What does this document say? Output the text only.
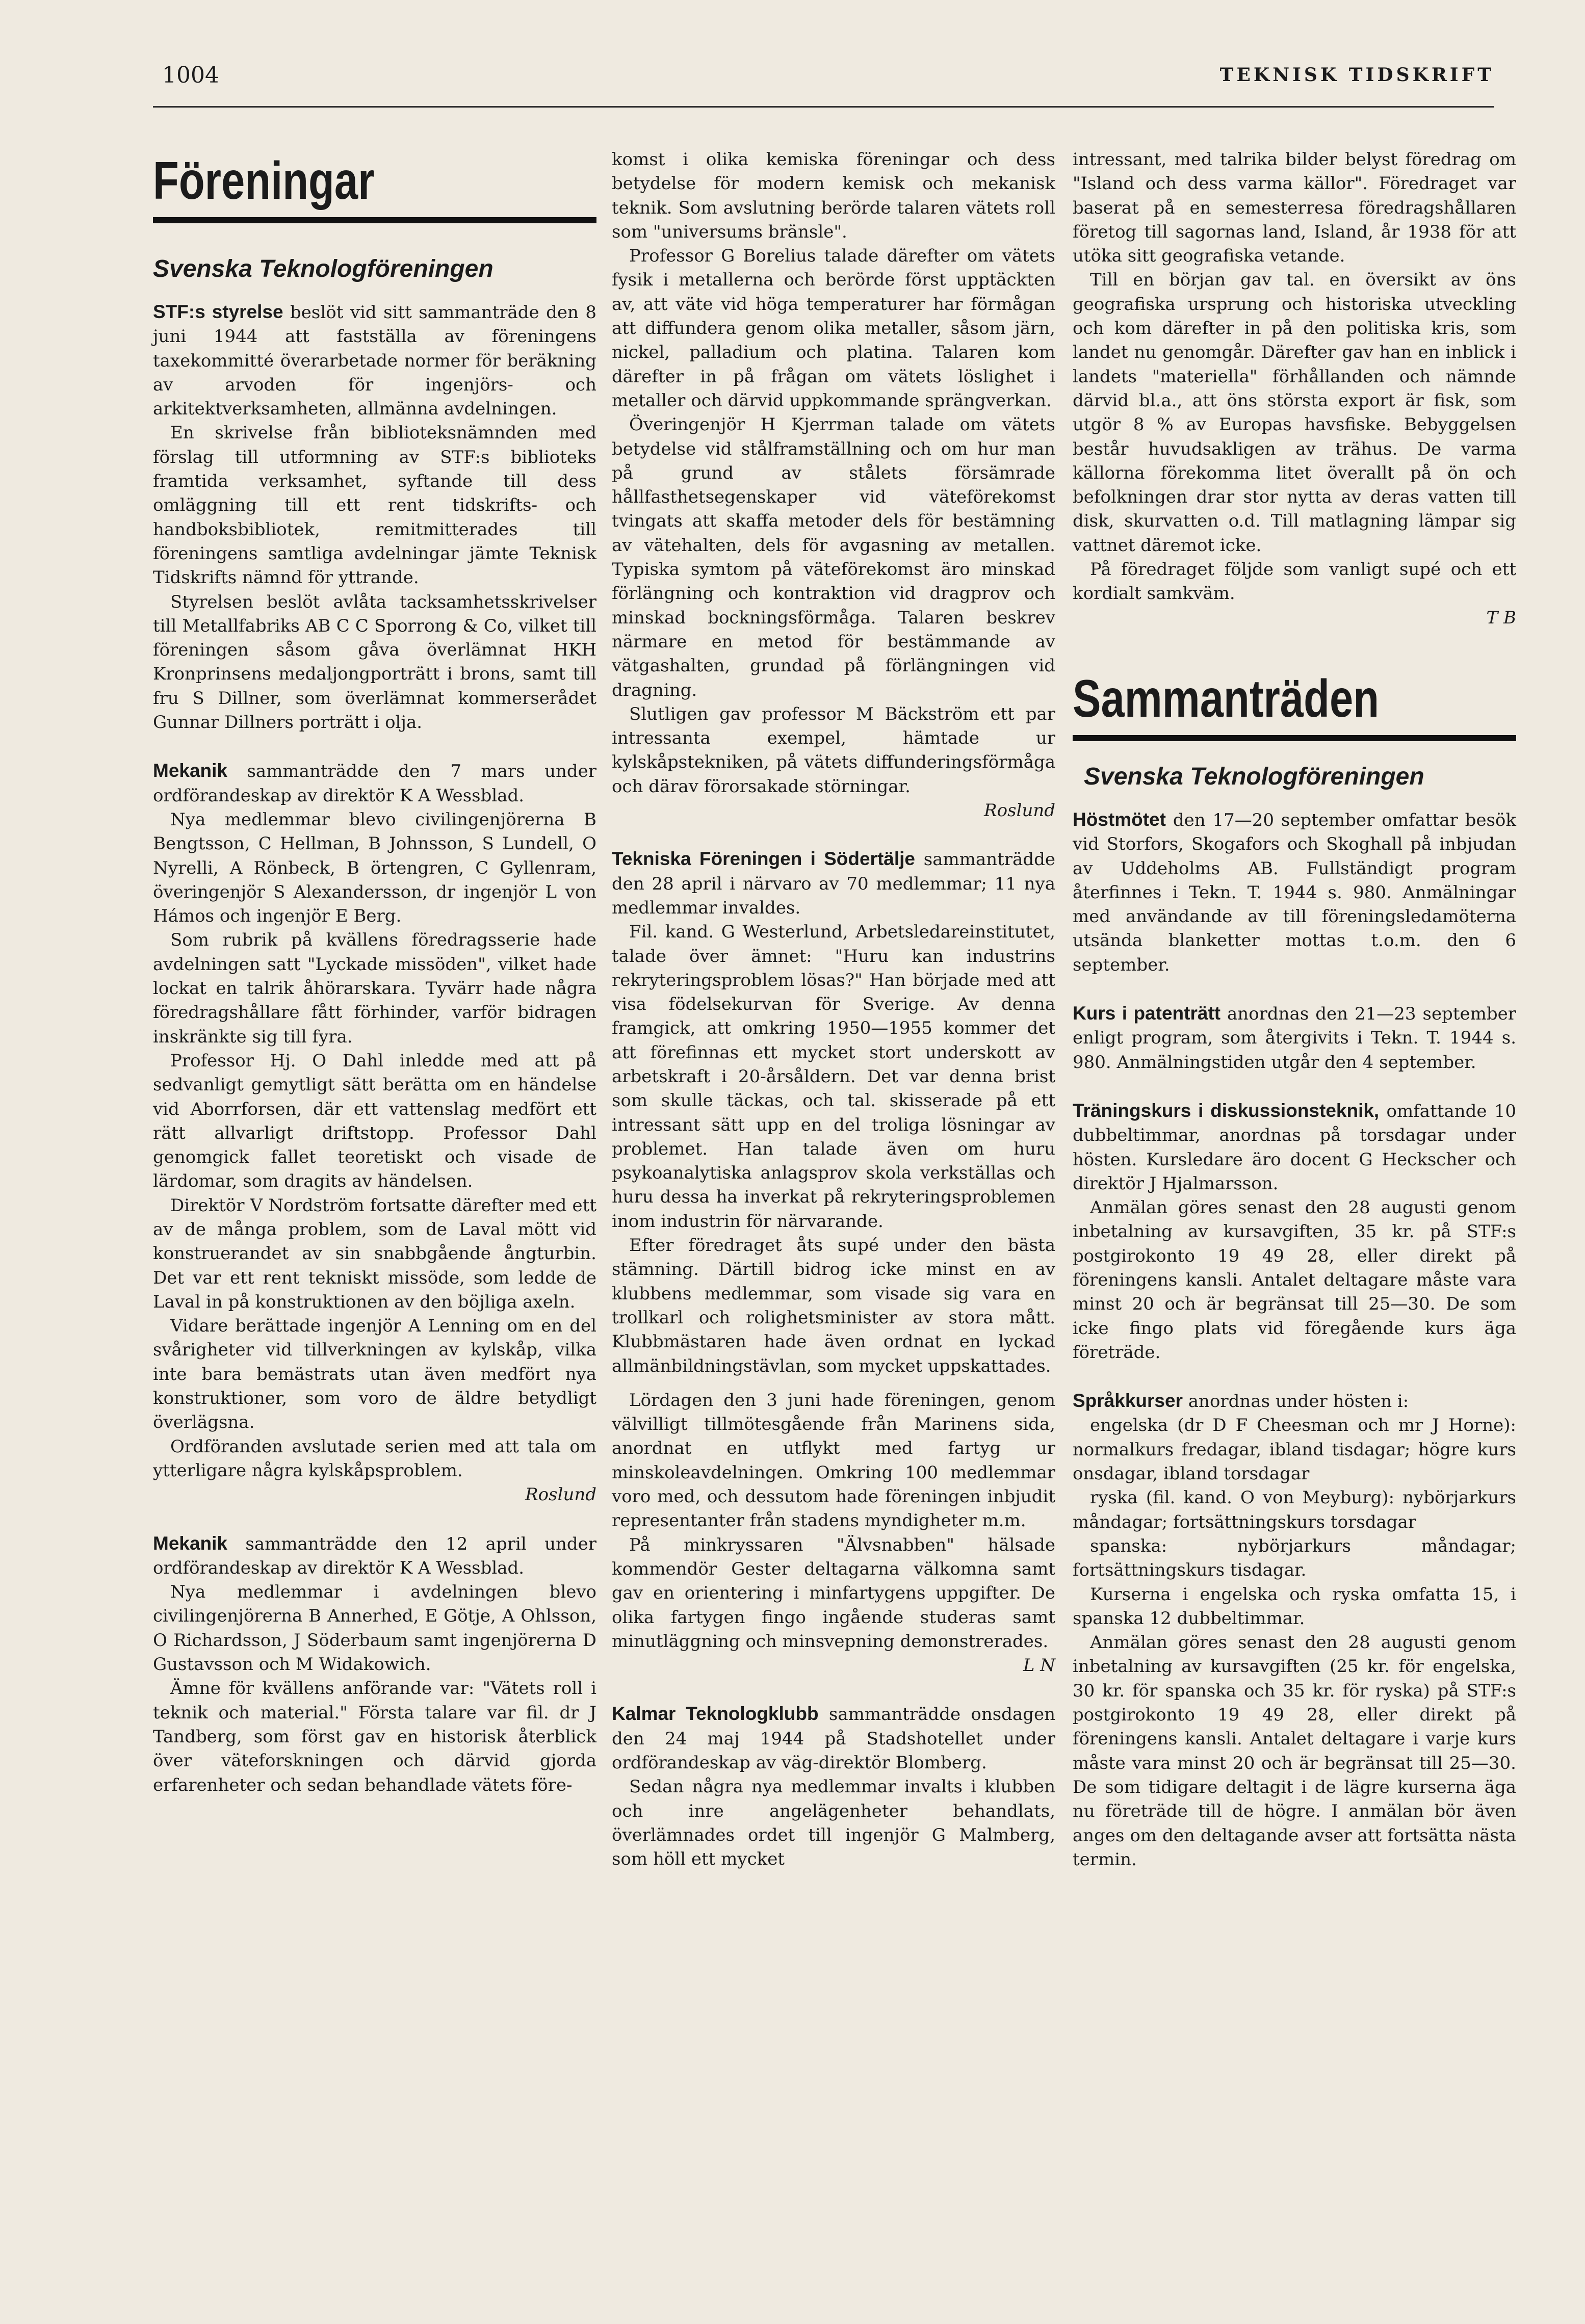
1004	TEKNISK TIDSKRIFT
Föreningar
Svenska Teknologföreningen

STF:s styrelse beslöt vid sitt sammanträde den 8 juni 1944 att fastställa av föreningens taxekommitté överarbetade normer för beräkning av arvoden för ingenjörs- och arkitektverksamheten, allmänna avdelningen.

En skrivelse från biblioteksnämnden med förslag till utformning av STF:s biblioteks framtida verksamhet, syftande till dess omläggning till ett rent tidskrifts- och handboksbibliotek, remitmitterades till föreningens samtliga avdelningar jämte Teknisk Tidskrifts nämnd för yttrande.

Styrelsen beslöt avlåta tacksamhetsskrivelser till Metallfabriks AB C C Sporrong & Co, vilket till föreningen såsom gåva överlämnat HKH Kronprinsens medaljongporträtt i brons, samt till fru S Dillner, som överlämnat kommerserådet Gunnar Dillners porträtt i olja.

Mekanik sammanträdde den 7 mars under ordförandeskap av direktör K A Wessblad.

Nya medlemmar blevo civilingenjörerna B Bengtsson, C Hellman, B Johnsson, S Lundell, O Nyrelli, A Rönbeck, B örtengren, C Gyllenram, överingenjör S Alexandersson, dr ingenjör L von Hámos och ingenjör E Berg.

Som rubrik på kvällens föredragsserie hade avdelningen satt "Lyckade missöden", vilket hade lockat en talrik åhörarskara. Tyvärr hade några föredragshållare fått förhinder, varför bidragen inskränkte sig till fyra.

Professor Hj. O Dahl inledde med att på sedvanligt gemytligt sätt berätta om en händelse vid Aborrforsen, där ett vattenslag medfört ett rätt allvarligt driftstopp. Professor Dahl genomgick fallet teoretiskt och visade de lärdomar, som dragits av händelsen.

Direktör V Nordström fortsatte därefter med ett av de många problem, som de Laval mött vid konstruerandet av sin snabbgående ångturbin. Det var ett rent tekniskt missöde, som ledde de Laval in på konstruktionen av den böjliga axeln.

Vidare berättade ingenjör A Lenning om en del svårigheter vid tillverkningen av kylskåp, vilka inte bara bemästrats utan även medfört nya konstruktioner, som voro de äldre betydligt överlägsna.

Ordföranden avslutade serien med att tala om ytterligare några kylskåpsproblem.

Roslund

Mekanik sammanträdde den 12 april under ordförandeskap av direktör K A Wessblad.

Nya medlemmar i avdelningen blevo civilingenjörerna B Annerhed, E Götje, A Ohlsson, O Richardsson, J Söderbaum samt ingenjörerna D Gustavsson och M Widakowich.

Ämne för kvällens anförande var: "Vätets roll i teknik och material." Första talare var fil. dr J Tandberg, som först gav en historisk återblick över väteforskningen och därvid gjorda erfarenheter och sedan behandlade vätets före-

komst i olika kemiska föreningar och dess betydelse för modern kemisk och mekanisk teknik. Som avslutning berörde talaren vätets roll som "universums bränsle".

Professor G Borelius talade därefter om vätets fysik i metallerna och berörde först upptäckten av, att väte vid höga temperaturer har förmågan att diffundera genom olika metaller, såsom järn, nickel, palladium och platina. Talaren kom därefter in på frågan om vätets löslighet i metaller och därvid uppkommande sprängverkan.

Överingenjör H Kjerrman talade om vätets betydelse vid stålframställning och om hur man på grund av stålets försämrade hållfasthetsegenskaper vid väteförekomst tvingats att skaffa metoder dels för bestämning av vätehalten, dels för avgasning av metallen. Typiska symtom på väteförekomst äro minskad förlängning och kontraktion vid dragprov och minskad bockningsförmåga. Talaren beskrev närmare en metod för bestämmande av vätgashalten, grundad på förlängningen vid dragning.

Slutligen gav professor M Bäckström ett par intressanta exempel, hämtade ur kylskåpstekniken, på vätets diffunderingsförmåga och därav förorsakade störningar.

Roslund

Tekniska Föreningen i Södertälje sammanträdde den 28 april i närvaro av 70 medlemmar; 11 nya medlemmar invaldes.

Fil. kand. G Westerlund, Arbetsledareinstitutet, talade över ämnet: "Huru kan industrins rekryteringsproblem lösas?" Han började med att visa födelsekurvan för Sverige. Av denna framgick, att omkring 1950—1955 kommer det att förefinnas ett mycket stort underskott av arbetskraft i 20-årsåldern. Det var denna brist som skulle täckas, och tal. skisserade på ett intressant sätt upp en del troliga lösningar av problemet. Han talade även om huru psykoanalytiska anlagsprov skola verkställas och huru dessa ha inverkat på rekryteringsproblemen inom industrin för närvarande.

Efter föredraget åts supé under den bästa stämning. Därtill bidrog icke minst en av klubbens medlemmar, som visade sig vara en trollkarl och rolighetsminister av stora mått. Klubbmästaren hade även ordnat en lyckad allmänbildningstävlan, som mycket uppskattades.

Lördagen den 3 juni hade föreningen, genom välvilligt tillmötesgående från Marinens sida, anordnat en utflykt med fartyg ur minskoleavdelningen. Omkring 100 medlemmar voro med, och dessutom hade föreningen inbjudit representanter från stadens myndigheter m.m.

På minkryssaren "Älvsnabben" hälsade kommendör Gester deltagarna välkomna samt gav en orientering i minfartygens uppgifter. De olika fartygen fingo ingående studeras samt minutläggning och minsvepning demonstrerades.

L N

Kalmar Teknologklubb sammanträdde onsdagen den 24 maj 1944 på Stadshotellet under ordförandeskap av väg-direktör Blomberg.

Sedan några nya medlemmar invalts i klubben och inre angelägenheter behandlats, överlämnades ordet till ingenjör G Malmberg, som höll ett mycket

intressant, med talrika bilder belyst föredrag om "Island och dess varma källor". Föredraget var baserat på en semesterresa föredragshållaren företog till sagornas land, Island, år 1938 för att utöka sitt geografiska vetande.

Till en början gav tal. en översikt av öns geografiska ursprung och historiska utveckling och kom därefter in på den politiska kris, som landet nu genomgår. Därefter gav han en inblick i landets "materiella" förhållanden och nämnde därvid bl.a., att öns största export är fisk, som utgör 8 % av Europas havsfiske. Bebyggelsen består huvudsakligen av trähus. De varma källorna förekomma litet överallt på ön och befolkningen drar stor nytta av deras vatten till disk, skurvatten o.d. Till matlagning lämpar sig vattnet däremot icke.

På föredraget följde som vanligt supé och ett kordialt samkväm.

T B

Sammanträden
Svenska Teknologföreningen

Höstmötet den 17—20 september omfattar besök vid Storfors, Skogafors och Skoghall på inbjudan av Uddeholms AB. Fullständigt program återfinnes i Tekn. T. 1944 s. 980. Anmälningar med användande av till föreningsledamöterna utsända blanketter mottas t.o.m. den 6 september.

Kurs i patenträtt anordnas den 21—23 september enligt program, som återgivits i Tekn. T. 1944 s. 980. Anmälningstiden utgår den 4 september.

Träningskurs i diskussionsteknik, omfattande 10 dubbeltimmar, anordnas på torsdagar under hösten. Kursledare äro docent G Heckscher och direktör J Hjalmarsson.

Anmälan göres senast den 28 augusti genom inbetalning av kursavgiften, 35 kr. på STF:s postgirokonto 19 49 28, eller direkt på föreningens kansli. Antalet deltagare måste vara minst 20 och är begränsat till 25—30. De som icke fingo plats vid föregående kurs äga företräde.

Språkkurser anordnas under hösten i:

engelska (dr D F Cheesman och mr J Horne): normalkurs fredagar, ibland tisdagar; högre kurs onsdagar, ibland torsdagar

ryska (fil. kand. O von Meyburg): nybörjarkurs måndagar; fortsättningskurs torsdagar

spanska: nybörjarkurs måndagar; fortsättningskurs tisdagar.

Kurserna i engelska och ryska omfatta 15, i spanska 12 dubbeltimmar.

Anmälan göres senast den 28 augusti genom inbetalning av kursavgiften (25 kr. för engelska, 30 kr. för spanska och 35 kr. för ryska) på STF:s postgirokonto 19 49 28, eller direkt på föreningens kansli. Antalet deltagare i varje kurs måste vara minst 20 och är begränsat till 25—30. De som tidigare deltagit i de lägre kurserna äga nu företräde till de högre. I anmälan bör även anges om den deltagande avser att fortsätta nästa termin.
